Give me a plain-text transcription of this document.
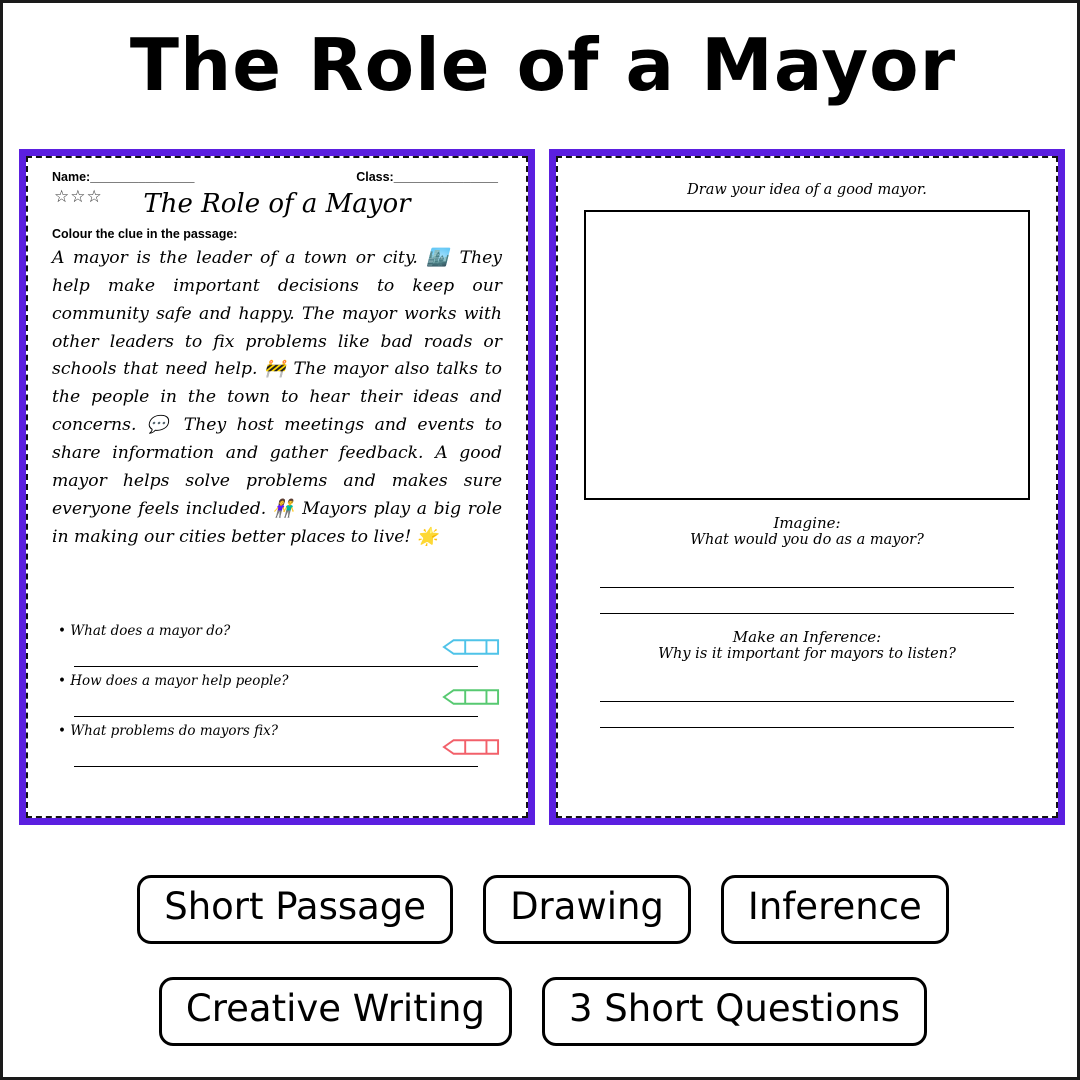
The Role of a Mayor
Name:_______________	Class:_______________
☆☆☆	The Role of a Mayor
Colour the clue in the passage:
A mayor is the leader of a town or city. 🏙️ They help make important decisions to keep our community safe and happy. The mayor works with other leaders to fix problems like bad roads or schools that need help. 🚧 The mayor also talks to the people in the town to hear their ideas and concerns. 💬 They host meetings and events to share information and gather feedback. A good mayor helps solve problems and makes sure everyone feels included. 👫 Mayors play a big role in making our cities better places to live! 🌟
• What does a mayor do?
• How does a mayor help people?
• What problems do mayors fix?
Draw your idea of a good mayor.
Imagine:
What would you do as a mayor?
Make an Inference:
Why is it important for mayors to listen?
Short Passage	Drawing	Inference
Creative Writing	3 Short Questions
